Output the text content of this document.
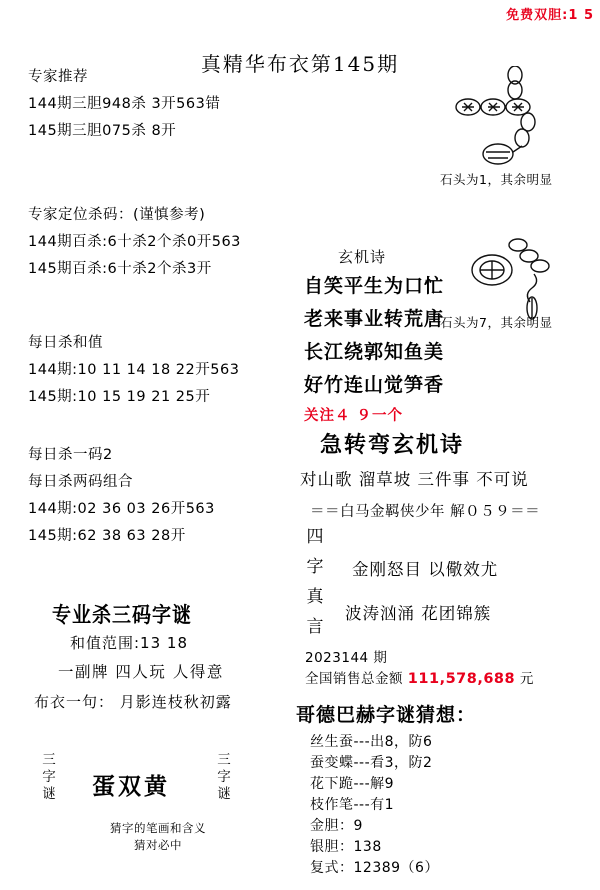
免费双胆:1 5
真精华布衣第145期
专家推荐
144期三胆948杀 3开563错
145期三胆075杀 8开
专家定位杀码：(谨慎参考)
144期百杀:6十杀2个杀0开563
145期百杀:6十杀2个杀3开
每日杀和值
144期:10 11 14 18 22开563
145期:10 15 19 21 25开
每日杀一码2
每日杀两码组合
144期:02 36 03 26开563
145期:62 38 63 28开
专业杀三码字谜
和值范围:13 18
一副牌 四人玩 人得意
布衣一句： 月影连枝秋初露
三字谜
三字谜
蛋双黄
猜字的笔画和含义
猜对必中
玄机诗
自笑平生为口忙
老来事业转荒唐
长江绕郭知鱼美
好竹连山觉笋香
关注４ ９一个
急转弯玄机诗
对山歌 溜草坡 三件事 不可说
＝＝白马金羁侠少年 解０５９＝＝
四字真言
金刚怒目 以儆效尤
波涛汹涌 花团锦簇
2023144 期
全国销售总金额 111,578,688 元
哥德巴赫字谜猜想：
丝生蚕---出8，防6
蚕变蝶---看3，防2
花下跪---解9
枝作笔---有1
金胆：9
银胆：138
复式：12389（6）
石头为1，其余明显
石头为7，其余明显
